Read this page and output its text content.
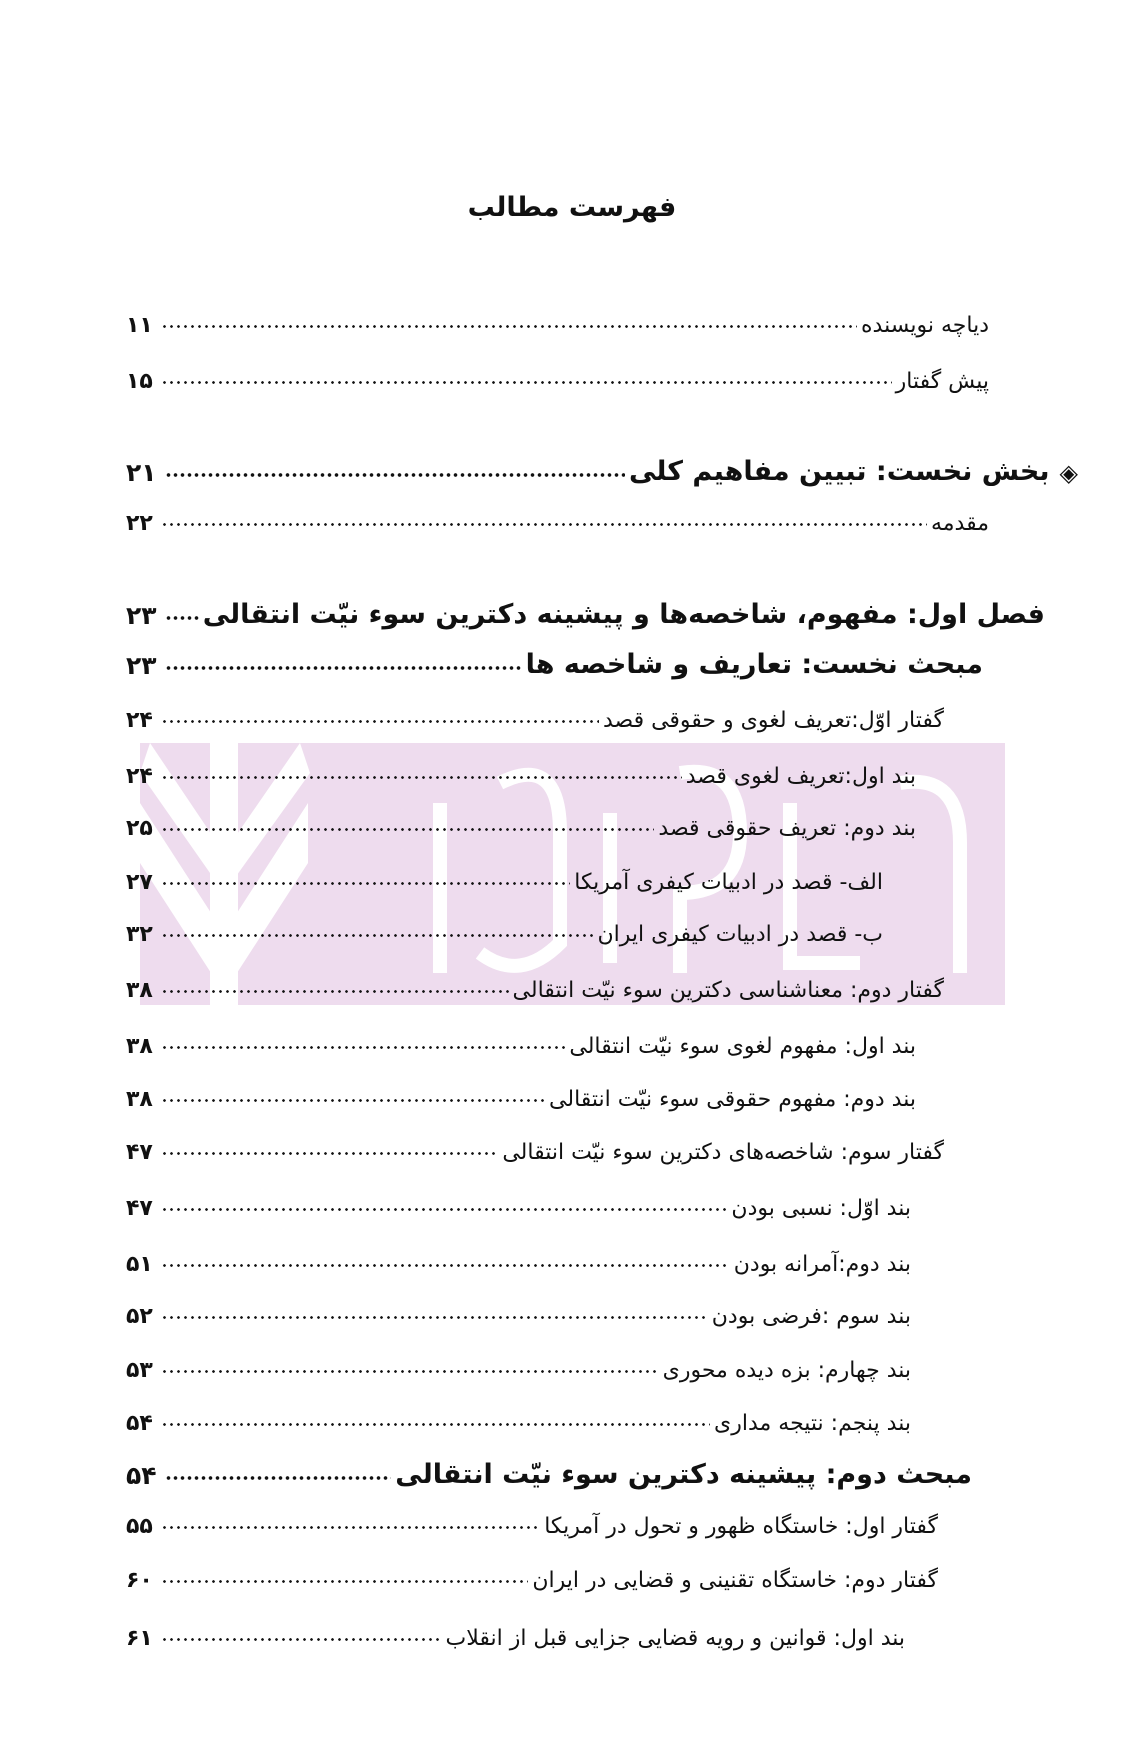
فهرست مطالب
دیاچه نویسنده
۱۱
پیش گفتار
۱۵
◈
بخش نخست: تبیین مفاهیم کلی
۲۱
مقدمه
۲۲
فصل اول: مفهوم، شاخصه‌ها و پیشینه دکترین سوء نیّت انتقالی
۲۳
مبحث نخست: تعاریف و شاخصه ها
۲۳
گفتار اوّل:تعریف لغوی و حقوقی قصد
۲۴
بند اول:تعریف لغوی قصد
۲۴
بند دوم: تعریف حقوقی قصد
۲۵
الف- قصد در ادبیات کیفری آمریکا
۲۷
ب- قصد در ادبیات کیفری ایران
۳۲
گفتار دوم: معناشناسی دکترین سوء نیّت انتقالی
۳۸
بند اول: مفهوم لغوی سوء نیّت انتقالی
۳۸
بند دوم: مفهوم حقوقی سوء نیّت انتقالی
۳۸
گفتار سوم: شاخصه‌های دکترین سوء نیّت انتقالی
۴۷
بند اوّل: نسبی بودن
۴۷
بند دوم:آمرانه بودن
۵۱
بند سوم :فرضی بودن
۵۲
بند چهارم: بزه دیده محوری
۵۳
بند پنجم: نتیجه مداری
۵۴
مبحث دوم: پیشینه دکترین سوء نیّت انتقالی
۵۴
گفتار اول: خاستگاه ظهور و تحول در آمریکا
۵۵
گفتار دوم: خاستگاه تقنینی و قضایی در ایران
۶۰
بند اول: قوانین و رویه قضایی جزایی قبل از انقلاب
۶۱
